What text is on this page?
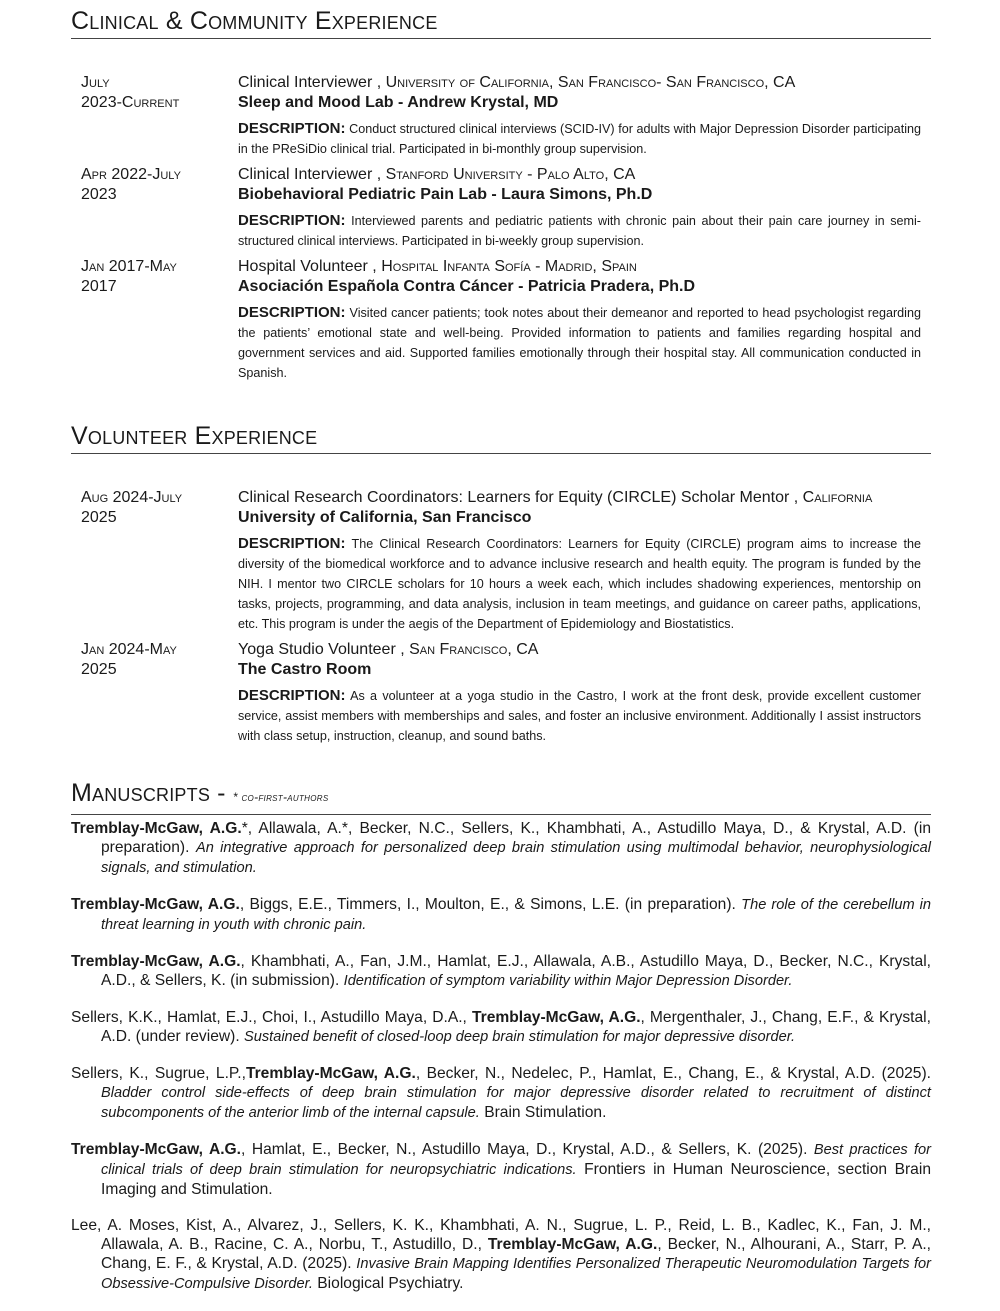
Clinical & Community Experience
July
2023-Current
Clinical Interviewer , University of California, San Francisco- San Francisco, CA
Sleep and Mood Lab - Andrew Krystal, MD
DESCRIPTION: Conduct structured clinical interviews (SCID-IV) for adults with Major Depression Disorder participating in the PReSiDio clinical trial. Participated in bi-monthly group supervision.
Apr 2022-July
2023
Clinical Interviewer , Stanford University - Palo Alto, CA
Biobehavioral Pediatric Pain Lab - Laura Simons, Ph.D
DESCRIPTION: Interviewed parents and pediatric patients with chronic pain about their pain care journey in semi-structured clinical interviews. Participated in bi-weekly group supervision.
Jan 2017-May
2017
Hospital Volunteer , Hospital Infanta Sofía - Madrid, Spain
Asociación Española Contra Cáncer - Patricia Pradera, Ph.D
DESCRIPTION: Visited cancer patients; took notes about their demeanor and reported to head psychologist regarding the patients’ emotional state and well-being. Provided information to patients and families regarding hospital and government services and aid. Supported families emotionally through their hospital stay. All communication conducted in Spanish.
Volunteer Experience
Aug 2024-July
2025
Clinical Research Coordinators: Learners for Equity (CIRCLE) Scholar Mentor , California
University of California, San Francisco
DESCRIPTION: The Clinical Research Coordinators: Learners for Equity (CIRCLE) program aims to increase the diversity of the biomedical workforce and to advance inclusive research and health equity. The program is funded by the NIH. I mentor two CIRCLE scholars for 10 hours a week each, which includes shadowing experiences, mentorship on tasks, projects, programming, and data analysis, inclusion in team meetings, and guidance on career paths, applications, etc. This program is under the aegis of the Department of Epidemiology and Biostatistics.
Jan 2024-May
2025
Yoga Studio Volunteer , San Francisco, CA
The Castro Room
DESCRIPTION: As a volunteer at a yoga studio in the Castro, I work at the front desk, provide excellent customer service, assist members with memberships and sales, and foster an inclusive environment. Additionally I assist instructors with class setup, instruction, cleanup, and sound baths.
Manuscripts - * co-first-authors
Tremblay-McGaw, A.G.*, Allawala, A.*, Becker, N.C., Sellers, K., Khambhati, A., Astudillo Maya, D., & Krystal, A.D. (in preparation). An integrative approach for personalized deep brain stimulation using multimodal behavior, neurophysiological signals, and stimulation.
Tremblay-McGaw, A.G., Biggs, E.E., Timmers, I., Moulton, E., & Simons, L.E. (in preparation). The role of the cerebellum in threat learning in youth with chronic pain.
Tremblay-McGaw, A.G., Khambhati, A., Fan, J.M., Hamlat, E.J., Allawala, A.B., Astudillo Maya, D., Becker, N.C., Krystal, A.D., & Sellers, K. (in submission). Identification of symptom variability within Major Depression Disorder.
Sellers, K.K., Hamlat, E.J., Choi, I., Astudillo Maya, D.A., Tremblay-McGaw, A.G., Mergenthaler, J., Chang, E.F., & Krystal, A.D. (under review). Sustained benefit of closed-loop deep brain stimulation for major depressive disorder.
Sellers, K., Sugrue, L.P.,Tremblay-McGaw, A.G., Becker, N., Nedelec, P., Hamlat, E., Chang, E., & Krystal, A.D. (2025). Bladder control side-effects of deep brain stimulation for major depressive disorder related to recruitment of distinct subcomponents of the anterior limb of the internal capsule. Brain Stimulation.
Tremblay-McGaw, A.G., Hamlat, E., Becker, N., Astudillo Maya, D., Krystal, A.D., & Sellers, K. (2025). Best practices for clinical trials of deep brain stimulation for neuropsychiatric indications. Frontiers in Human Neuroscience, section Brain Imaging and Stimulation.
Lee, A. Moses, Kist, A., Alvarez, J., Sellers, K. K., Khambhati, A. N., Sugrue, L. P., Reid, L. B., Kadlec, K., Fan, J. M., Allawala, A. B., Racine, C. A., Norbu, T., Astudillo, D., Tremblay-McGaw, A.G., Becker, N., Alhourani, A., Starr, P. A., Chang, E. F., & Krystal, A.D. (2025). Invasive Brain Mapping Identifies Personalized Therapeutic Neuromodulation Targets for Obsessive-Compulsive Disorder. Biological Psychiatry.
